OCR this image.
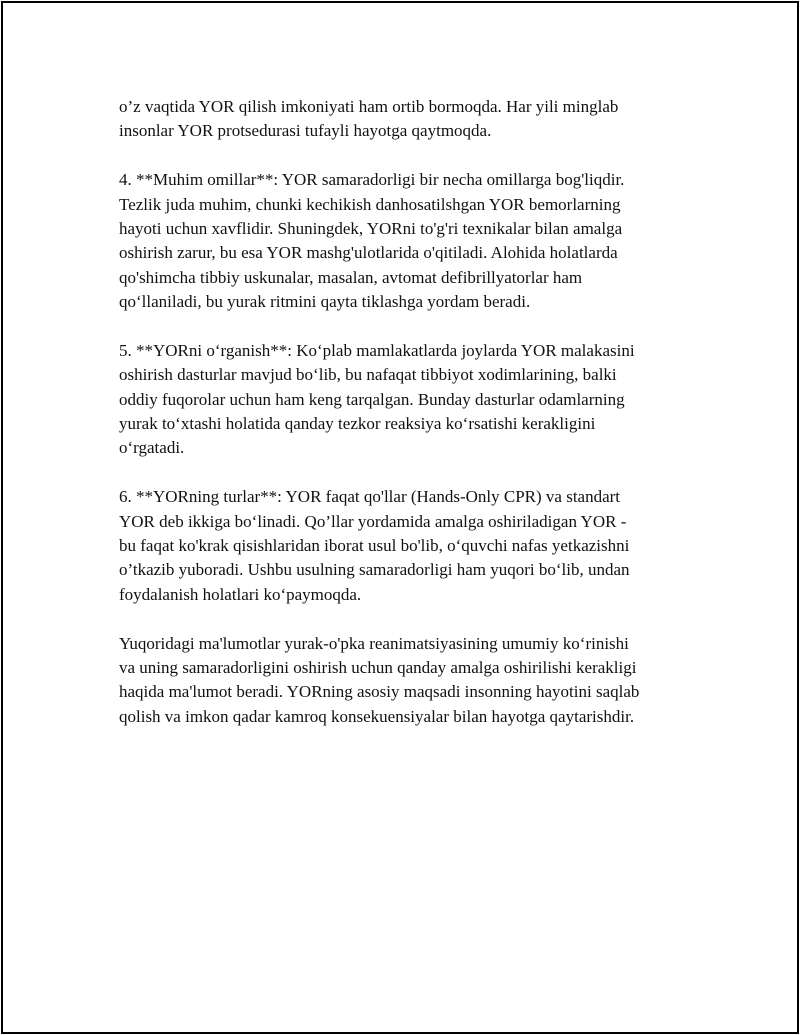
o’z vaqtida YOR qilish imkoniyati ham ortib bormoqda. Har yili minglab
insonlar YOR protsedurasi tufayli hayotga qaytmoqda.

4. **Muhim omillar**: YOR samaradorligi bir necha omillarga bog'liqdir.
Tezlik juda muhim, chunki kechikish danhosatilshgan YOR bemorlarning
hayoti uchun xavflidir. Shuningdek, YORni to'g'ri texnikalar bilan amalga
oshirish zarur, bu esa YOR mashg'ulotlarida o'qitiladi. Alohida holatlarda
qo'shimcha tibbiy uskunalar, masalan, avtomat defibrillyatorlar ham
qo‘llaniladi, bu yurak ritmini qayta tiklashga yordam beradi.

5. **YORni o‘rganish**: Ko‘plab mamlakatlarda joylarda YOR malakasini
oshirish dasturlar mavjud bo‘lib, bu nafaqat tibbiyot xodimlarining, balki
oddiy fuqorolar uchun ham keng tarqalgan. Bunday dasturlar odamlarning
yurak to‘xtashi holatida qanday tezkor reaksiya ko‘rsatishi kerakligini
o‘rgatadi.

6. **YORning turlar**: YOR faqat qo'llar (Hands-Only CPR) va standart
YOR deb ikkiga bo‘linadi. Qo’llar yordamida amalga oshiriladigan YOR -
bu faqat ko'krak qisishlaridan iborat usul bo'lib, o‘quvchi nafas yetkazishni
o’tkazib yuboradi. Ushbu usulning samaradorligi ham yuqori bo‘lib, undan
foydalanish holatlari ko‘paymoqda.

Yuqoridagi ma'lumotlar yurak-o'pka reanimatsiyasining umumiy ko‘rinishi
va uning samaradorligini oshirish uchun qanday amalga oshirilishi kerakligi
haqida ma'lumot beradi. YORning asosiy maqsadi insonning hayotini saqlab
qolish va imkon qadar kamroq konsekuensiyalar bilan hayotga qaytarishdir.
